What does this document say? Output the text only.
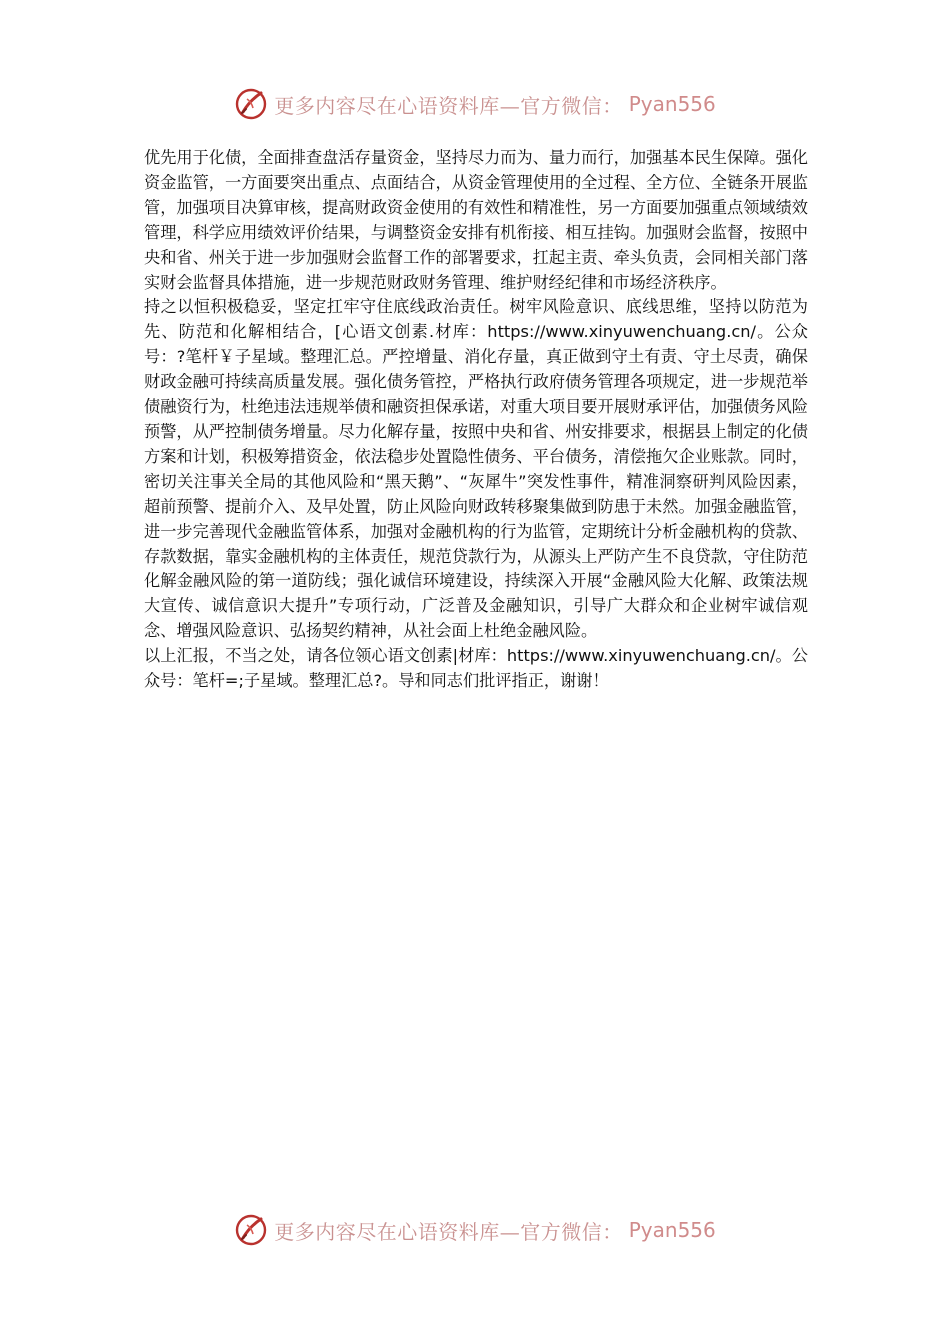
更多内容尽在心语资料库—官方微信： Pyan556

优先用于化债，全面排查盘活存量资金，坚持尽力而为、量力而行，加强基本民生保障。强化资金监管，一方面要突出重点、点面结合，从资金管理使用的全过程、全方位、全链条开展监管，加强项目决算审核，提高财政资金使用的有效性和精准性，另一方面要加强重点领域绩效管理，科学应用绩效评价结果，与调整资金安排有机衔接、相互挂钩。加强财会监督，按照中央和省、州关于进一步加强财会监督工作的部署要求，扛起主责、牵头负责，会同相关部门落实财会监督具体措施，进一步规范财政财务管理、维护财经纪律和市场经济秩序。

持之以恒积极稳妥，坚定扛牢守住底线政治责任。树牢风险意识、底线思维，坚持以防范为先、防范和化解相结合，[心语文创素.材库：https://www.xinyuwenchuang.cn/。公众号：?笔杆￥子星域。整理汇总。严控增量、消化存量，真正做到守土有责、守土尽责，确保财政金融可持续高质量发展。强化债务管控，严格执行政府债务管理各项规定，进一步规范举债融资行为，杜绝违法违规举债和融资担保承诺，对重大项目要开展财承评估，加强债务风险预警，从严控制债务增量。尽力化解存量，按照中央和省、州安排要求，根据县上制定的化债方案和计划，积极筹措资金，依法稳步处置隐性债务、平台债务，清偿拖欠企业账款。同时，密切关注事关全局的其他风险和“黑天鹅”、“灰犀牛”突发性事件，精准洞察研判风险因素，超前预警、提前介入、及早处置，防止风险向财政转移聚集做到防患于未然。加强金融监管，进一步完善现代金融监管体系，加强对金融机构的行为监管，定期统计分析金融机构的贷款、存款数据，靠实金融机构的主体责任，规范贷款行为，从源头上严防产生不良贷款，守住防范化解金融风险的第一道防线；强化诚信环境建设，持续深入开展“金融风险大化解、政策法规大宣传、诚信意识大提升”专项行动，广泛普及金融知识，引导广大群众和企业树牢诚信观念、增强风险意识、弘扬契约精神，从社会面上杜绝金融风险。

以上汇报，不当之处，请各位领心语文创素|材库：https://www.xinyuwenchuang.cn/。公众号：笔杆=;子星域。整理汇总?。导和同志们批评指正，谢谢！

更多内容尽在心语资料库—官方微信： Pyan556
